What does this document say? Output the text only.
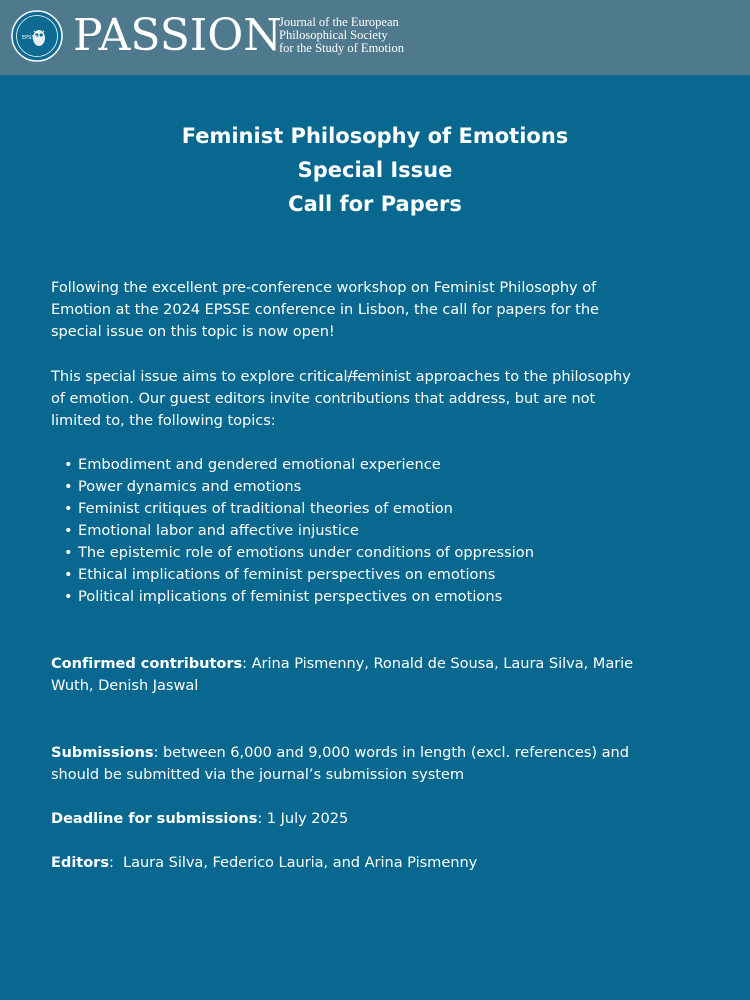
EPSSE PASSION
Journal of the European
Philosophical Society
for the Study of Emotion
Feminist Philosophy of Emotions
Special Issue
Call for Papers
Following the excellent pre-conference workshop on Feminist Philosophy of
Emotion at the 2024 EPSSE conference in Lisbon, the call for papers for the
special issue on this topic is now open!
This special issue aims to explore critical/feminist approaches to the philosophy
of emotion. Our guest editors invite contributions that address, but are not
limited to, the following topics:
• Embodiment and gendered emotional experience
• Power dynamics and emotions
• Feminist critiques of traditional theories of emotion
• Emotional labor and affective injustice
• The epistemic role of emotions under conditions of oppression
• Ethical implications of feminist perspectives on emotions
• Political implications of feminist perspectives on emotions
Confirmed contributors: Arina Pismenny, Ronald de Sousa, Laura Silva, Marie
Wuth, Denish Jaswal
Submissions: between 6,000 and 9,000 words in length (excl. references) and
should be submitted via the journal’s submission system
Deadline for submissions: 1 July 2025
Editors:  Laura Silva, Federico Lauria, and Arina Pismenny
